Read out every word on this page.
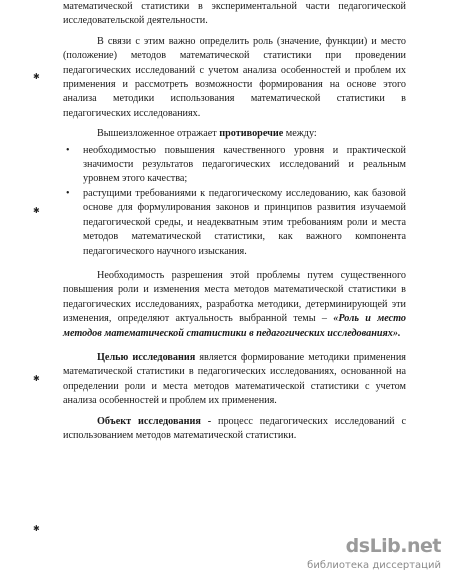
✱
✱
✱
✱

математической статистики в экспериментальной части педагогической исследовательской деятельности.

В связи с этим важно определить роль (значение, функции) и место (положение) методов математической статистики при проведении педагогических исследований с учетом анализа особенностей и проблем их применения и рассмотреть возможности формирования на основе этого анализа методики использования математической статистики в педагогических исследованиях.

Вышеизложенное отражает противоречие между:

• необходимостью повышения качественного уровня и практической значимости результатов педагогических исследований и реальным уровнем этого качества;
• растущими требованиями к педагогическому исследованию, как базовой основе для формулирования законов и принципов развития изучаемой педагогической среды, и неадекватным этим требованиям роли и места методов математической статистики, как важного компонента педагогического научного изыскания.

Необходимость разрешения этой проблемы путем существенного повышения роли и изменения места методов математической статистики в педагогических исследованиях, разработка методики, детерминирующей эти изменения, определяют актуальность выбранной темы – «Роль и место методов математической статистики в педагогических исследованиях».

Целью исследования является формирование методики применения математической статистики в педагогических исследованиях, основанной на определении роли и места методов математической статистики с учетом анализа особенностей и проблем их применения.

Объект исследования - процесс педагогических исследований с использованием методов математической статистики.

dsLib.net
библиотека диссертаций
